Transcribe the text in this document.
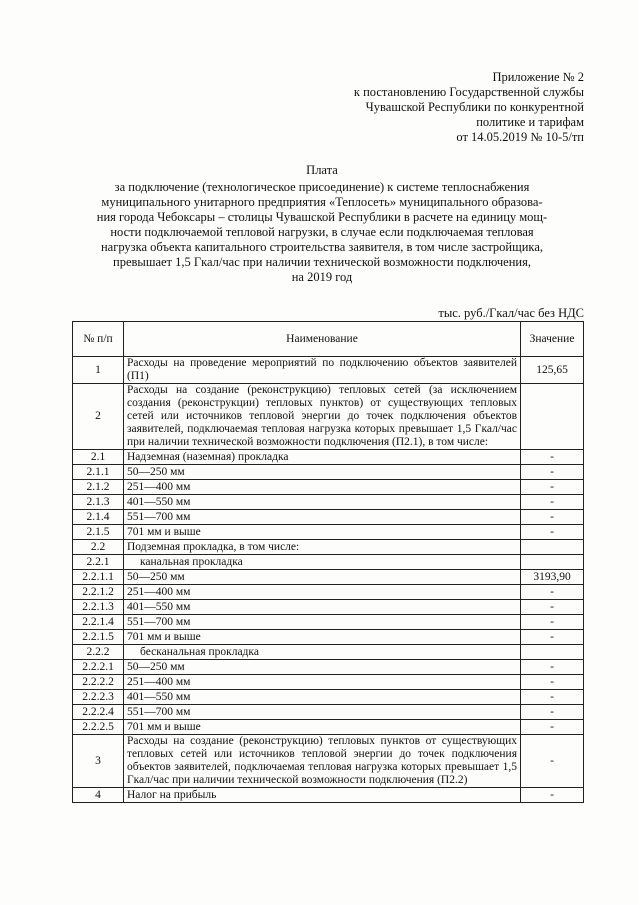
Приложение № 2
к постановлению Государственной службы
Чувашской Республики по конкурентной
политике и тарифам
от 14.05.2019 № 10-5/тп
Плата
за подключение (технологическое присоединение) к системе теплоснабжения
муниципального унитарного предприятия «Теплосеть» муниципального образова-
ния города Чебоксары – столицы Чувашской Республики в расчете на единицу мощ-
ности подключаемой тепловой нагрузки, в случае если подключаемая тепловая
нагрузка объекта капитального строительства заявителя, в том числе застройщика,
превышает 1,5 Гкал/час при наличии технической возможности подключения,
на 2019 год
тыс. руб./Гкал/час без НДС
№ п/п	Наименование	Значение
1	Расходы на проведение мероприятий по подключению объектов заявителей (П1)	125,65
2	Расходы на создание (реконструкцию) тепловых сетей (за исключением создания (реконструкции) тепловых пунктов) от существующих тепловых сетей или источников тепловой энергии до точек подключения объектов заявителей, подключаемая тепловая нагрузка которых превышает 1,5 Гкал/час при наличии технической возможности подключения (П2.1), в том числе:	
2.1	Надземная (наземная) прокладка	-
2.1.1	50—250 мм	-
2.1.2	251—400 мм	-
2.1.3	401—550 мм	-
2.1.4	551—700 мм	-
2.1.5	701 мм и выше	-
2.2	Подземная прокладка, в том числе:	
2.2.1	канальная прокладка	
2.2.1.1	50—250 мм	3193,90
2.2.1.2	251—400 мм	-
2.2.1.3	401—550 мм	-
2.2.1.4	551—700 мм	-
2.2.1.5	701 мм и выше	-
2.2.2	бесканальная прокладка	
2.2.2.1	50—250 мм	-
2.2.2.2	251—400 мм	-
2.2.2.3	401—550 мм	-
2.2.2.4	551—700 мм	-
2.2.2.5	701 мм и выше	-
3	Расходы на создание (реконструкцию) тепловых пунктов от существующих тепловых сетей или источников тепловой энергии до точек подключения объектов заявителей, подключаемая тепловая нагрузка которых превышает 1,5 Гкал/час при наличии технической возможности подключения (П2.2)	-
4	Налог на прибыль	-
